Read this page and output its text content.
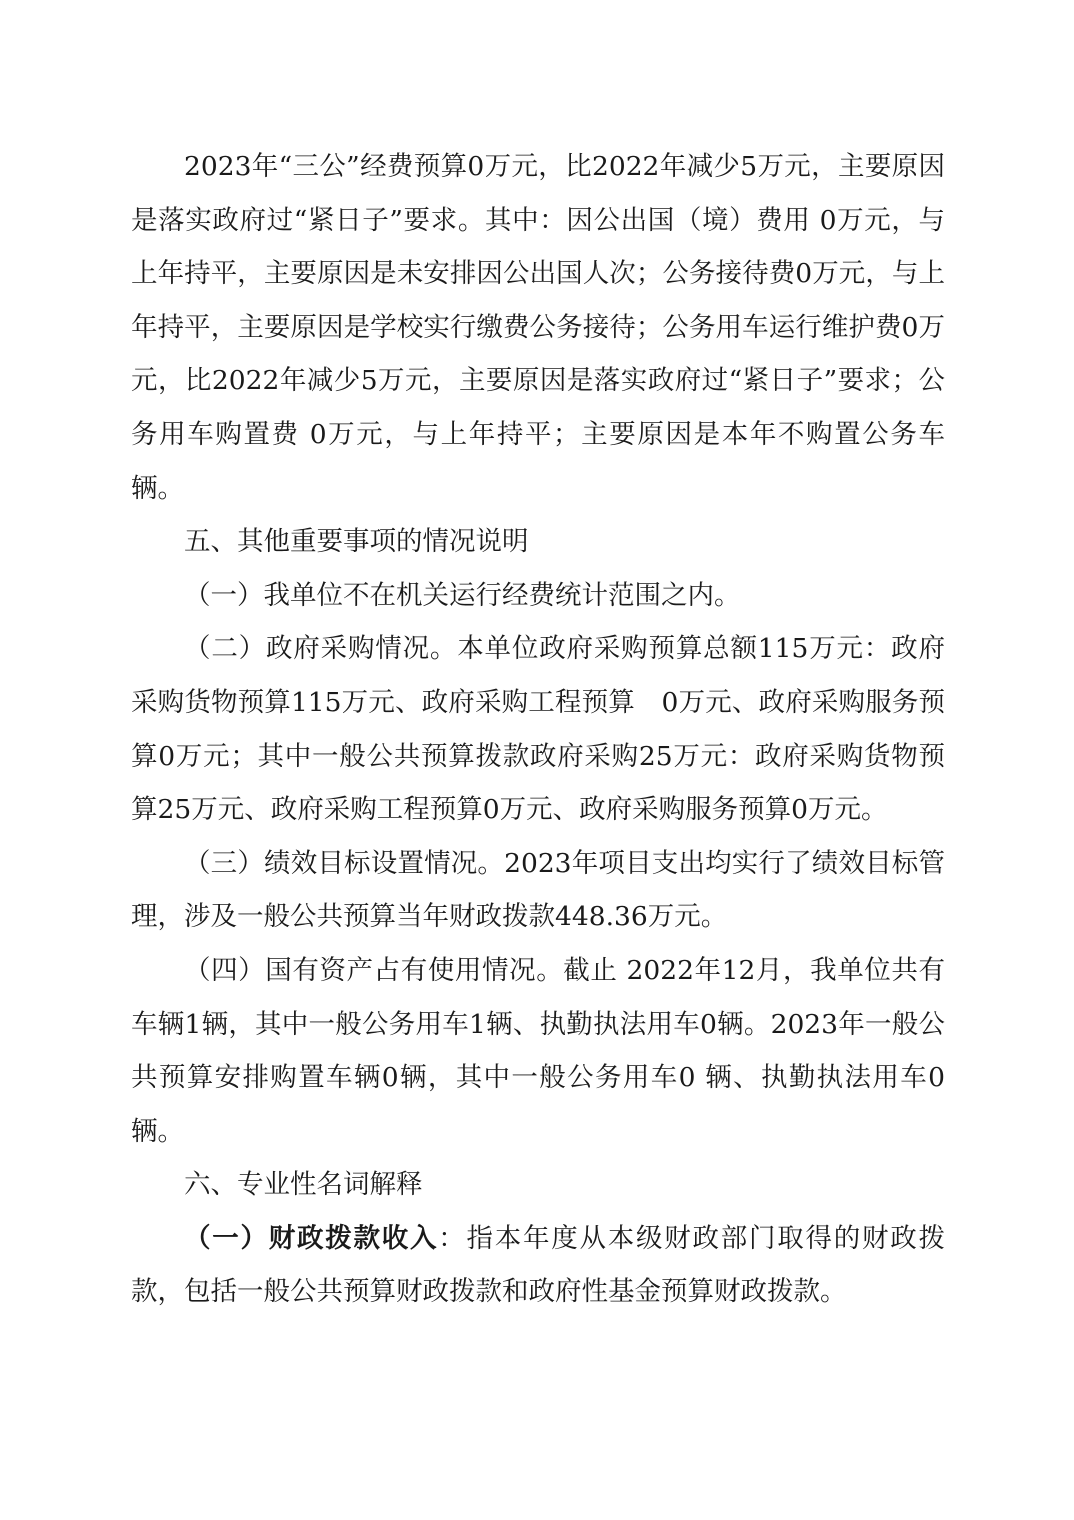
2023年“三公”经费预算0万元，比2022年减少5万元，主要原因是落实政府过“紧日子”要求。其中：因公出国（境）费用 0万元，与上年持平，主要原因是未安排因公出国人次；公务接待费0万元，与上年持平，主要原因是学校实行缴费公务接待；公务用车运行维护费0万元，比2022年减少5万元，主要原因是落实政府过“紧日子”要求；公务用车购置费 0万元，与上年持平；主要原因是本年不购置公务车辆。

五、其他重要事项的情况说明

（一）我单位不在机关运行经费统计范围之内。

（二）政府采购情况。本单位政府采购预算总额115万元：政府采购货物预算115万元、政府采购工程预算　0万元、政府采购服务预算0万元；其中一般公共预算拨款政府采购25万元：政府采购货物预算25万元、政府采购工程预算0万元、政府采购服务预算0万元。

（三）绩效目标设置情况。2023年项目支出均实行了绩效目标管理，涉及一般公共预算当年财政拨款448.36万元。

（四）国有资产占有使用情况。截止 2022年12月，我单位共有车辆1辆，其中一般公务用车1辆、执勤执法用车0辆。2023年一般公共预算安排购置车辆0辆，其中一般公务用车0 辆、执勤执法用车0辆。

六、专业性名词解释

（一）财政拨款收入：指本年度从本级财政部门取得的财政拨款，包括一般公共预算财政拨款和政府性基金预算财政拨款。
